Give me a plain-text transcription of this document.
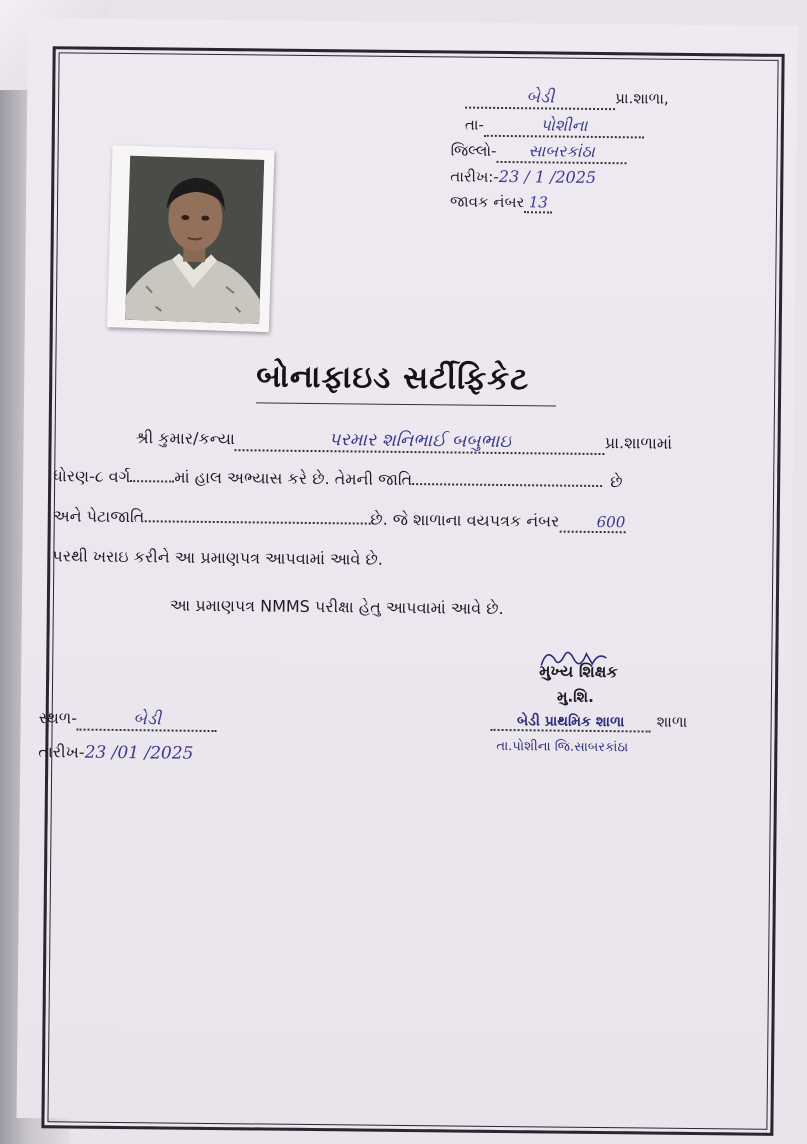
બેડી	પ્રા.શાળા,
તા-	પોશીના
જિલ્લો- સાબરકાંઠા
તારીખ:-23 / 1 /2025
જાવક નંબર 13
બોનાફાઇડ સર્ટીફિકેટ
શ્રી કુમાર/કન્યા	પરમાર શનિભાઈ બબુભાઇ	પ્રા.શાળામાં
ધોરણ-૮ વર્ગ	માં હાલ અભ્યાસ કરે છે. તેમની જાતિ	છે
અને પેટાજાતિ	છે. જે શાળાના વયપત્રક નંબર 600
પરથી ખરાઇ કરીને આ પ્રમાણપત્ર આપવામાં આવે છે.
આ પ્રમાણપત્ર NMMS પરીક્ષા હેતુ આપવામાં આવે છે.
મુખ્ય શિક્ષક
મુ.શિ.
બેડી પ્રાથમિક શાળા શાળા
તા.પોશીના જિ.સાબરકાંઠા
સ્થળ-	બેડી
તારીખ-23 /01 /2025
